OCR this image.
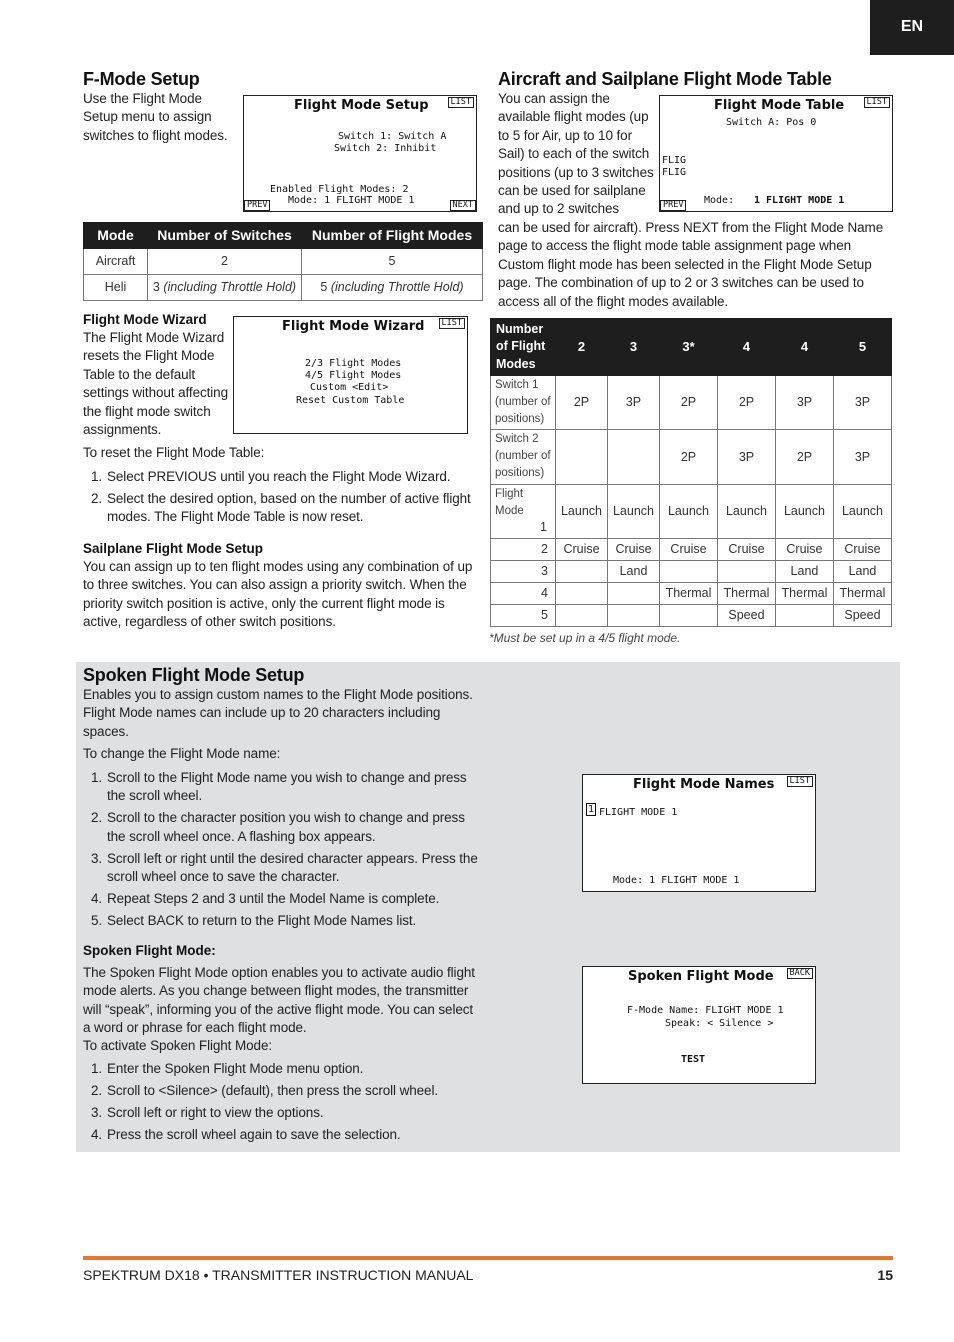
EN
F-Mode Setup
Use the Flight Mode
Setup menu to assign
switches to flight modes.
Flight Mode Setup	LIST
Switch 1: Switch A
Switch 2: Inhibit
Enabled Flight Modes: 2
PREV	Mode: 1 FLIGHT MODE 1	NEXT
Mode	Number of Switches	Number of Flight Modes
Aircraft	2	5
Heli	3 (including Throttle Hold)	5 (including Throttle Hold)
Flight Mode Wizard
The Flight Mode Wizard
resets the Flight Mode
Table to the default
settings without affecting
the flight mode switch
assignments.
Flight Mode Wizard	LIST
2/3 Flight Modes
4/5 Flight Modes
Custom <Edit>
Reset Custom Table
To reset the Flight Mode Table:
1. Select PREVIOUS until you reach the Flight Mode Wizard.
2. Select the desired option, based on the number of active flight modes. The Flight Mode Table is now reset.
Sailplane Flight Mode Setup
You can assign up to ten flight modes using any combination of up to three switches. You can also assign a priority switch. When the priority switch position is active, only the current flight mode is active, regardless of other switch positions.
Aircraft and Sailplane Flight Mode Table
You can assign the
available flight modes (up
to 5 for Air, up to 10 for
Sail) to each of the switch
positions (up to 3 switches
can be used for sailplane
and up to 2 switches
can be used for aircraft). Press NEXT from the Flight Mode Name page to access the flight mode table assignment page when Custom flight mode has been selected in the Flight Mode Setup page. The combination of up to 2 or 3 switches can be used to access all of the flight modes available.
Flight Mode Table	LIST
Switch A: Pos 0
FLIG
FLIG
PREV	Mode: 1 FLIGHT MODE 1
Number
of Flight
Modes	2	3	3*	4	4	5

Switch 1
(number of
positions)	2P	3P	2P	2P	3P	3P

Switch 2
(number of
positions)			2P	3P	2P	3P

Flight
Mode
1	Launch	Launch	Launch	Launch	Launch	Launch
2	Cruise	Cruise	Cruise	Cruise	Cruise	Cruise
3		Land			Land	Land
4			Thermal	Thermal	Thermal	Thermal
5				Speed		Speed
*Must be set up in a 4/5 flight mode.
Spoken Flight Mode Setup
Enables you to assign custom names to the Flight Mode positions. Flight Mode names can include up to 20 characters including spaces.
To change the Flight Mode name:
1. Scroll to the Flight Mode name you wish to change and press the scroll wheel.
2. Scroll to the character position you wish to change and press the scroll wheel once. A flashing box appears.
3. Scroll left or right until the desired character appears. Press the scroll wheel once to save the character.
4. Repeat Steps 2 and 3 until the Model Name is complete.
5. Select BACK to return to the Flight Mode Names list.
Flight Mode Names	LIST
1 FLIGHT MODE 1
Mode: 1 FLIGHT MODE 1
Spoken Flight Mode:
The Spoken Flight Mode option enables you to activate audio flight mode alerts. As you change between flight modes, the transmitter will “speak”, informing you of the active flight mode. You can select a word or phrase for each flight mode.
To activate Spoken Flight Mode:
1. Enter the Spoken Flight Mode menu option.
2. Scroll to <Silence> (default), then press the scroll wheel.
3. Scroll left or right to view the options.
4. Press the scroll wheel again to save the selection.
Spoken Flight Mode	BACK
F-Mode Name: FLIGHT MODE 1
Speak: < Silence >
TEST
SPEKTRUM DX18 • TRANSMITTER INSTRUCTION MANUAL	15
